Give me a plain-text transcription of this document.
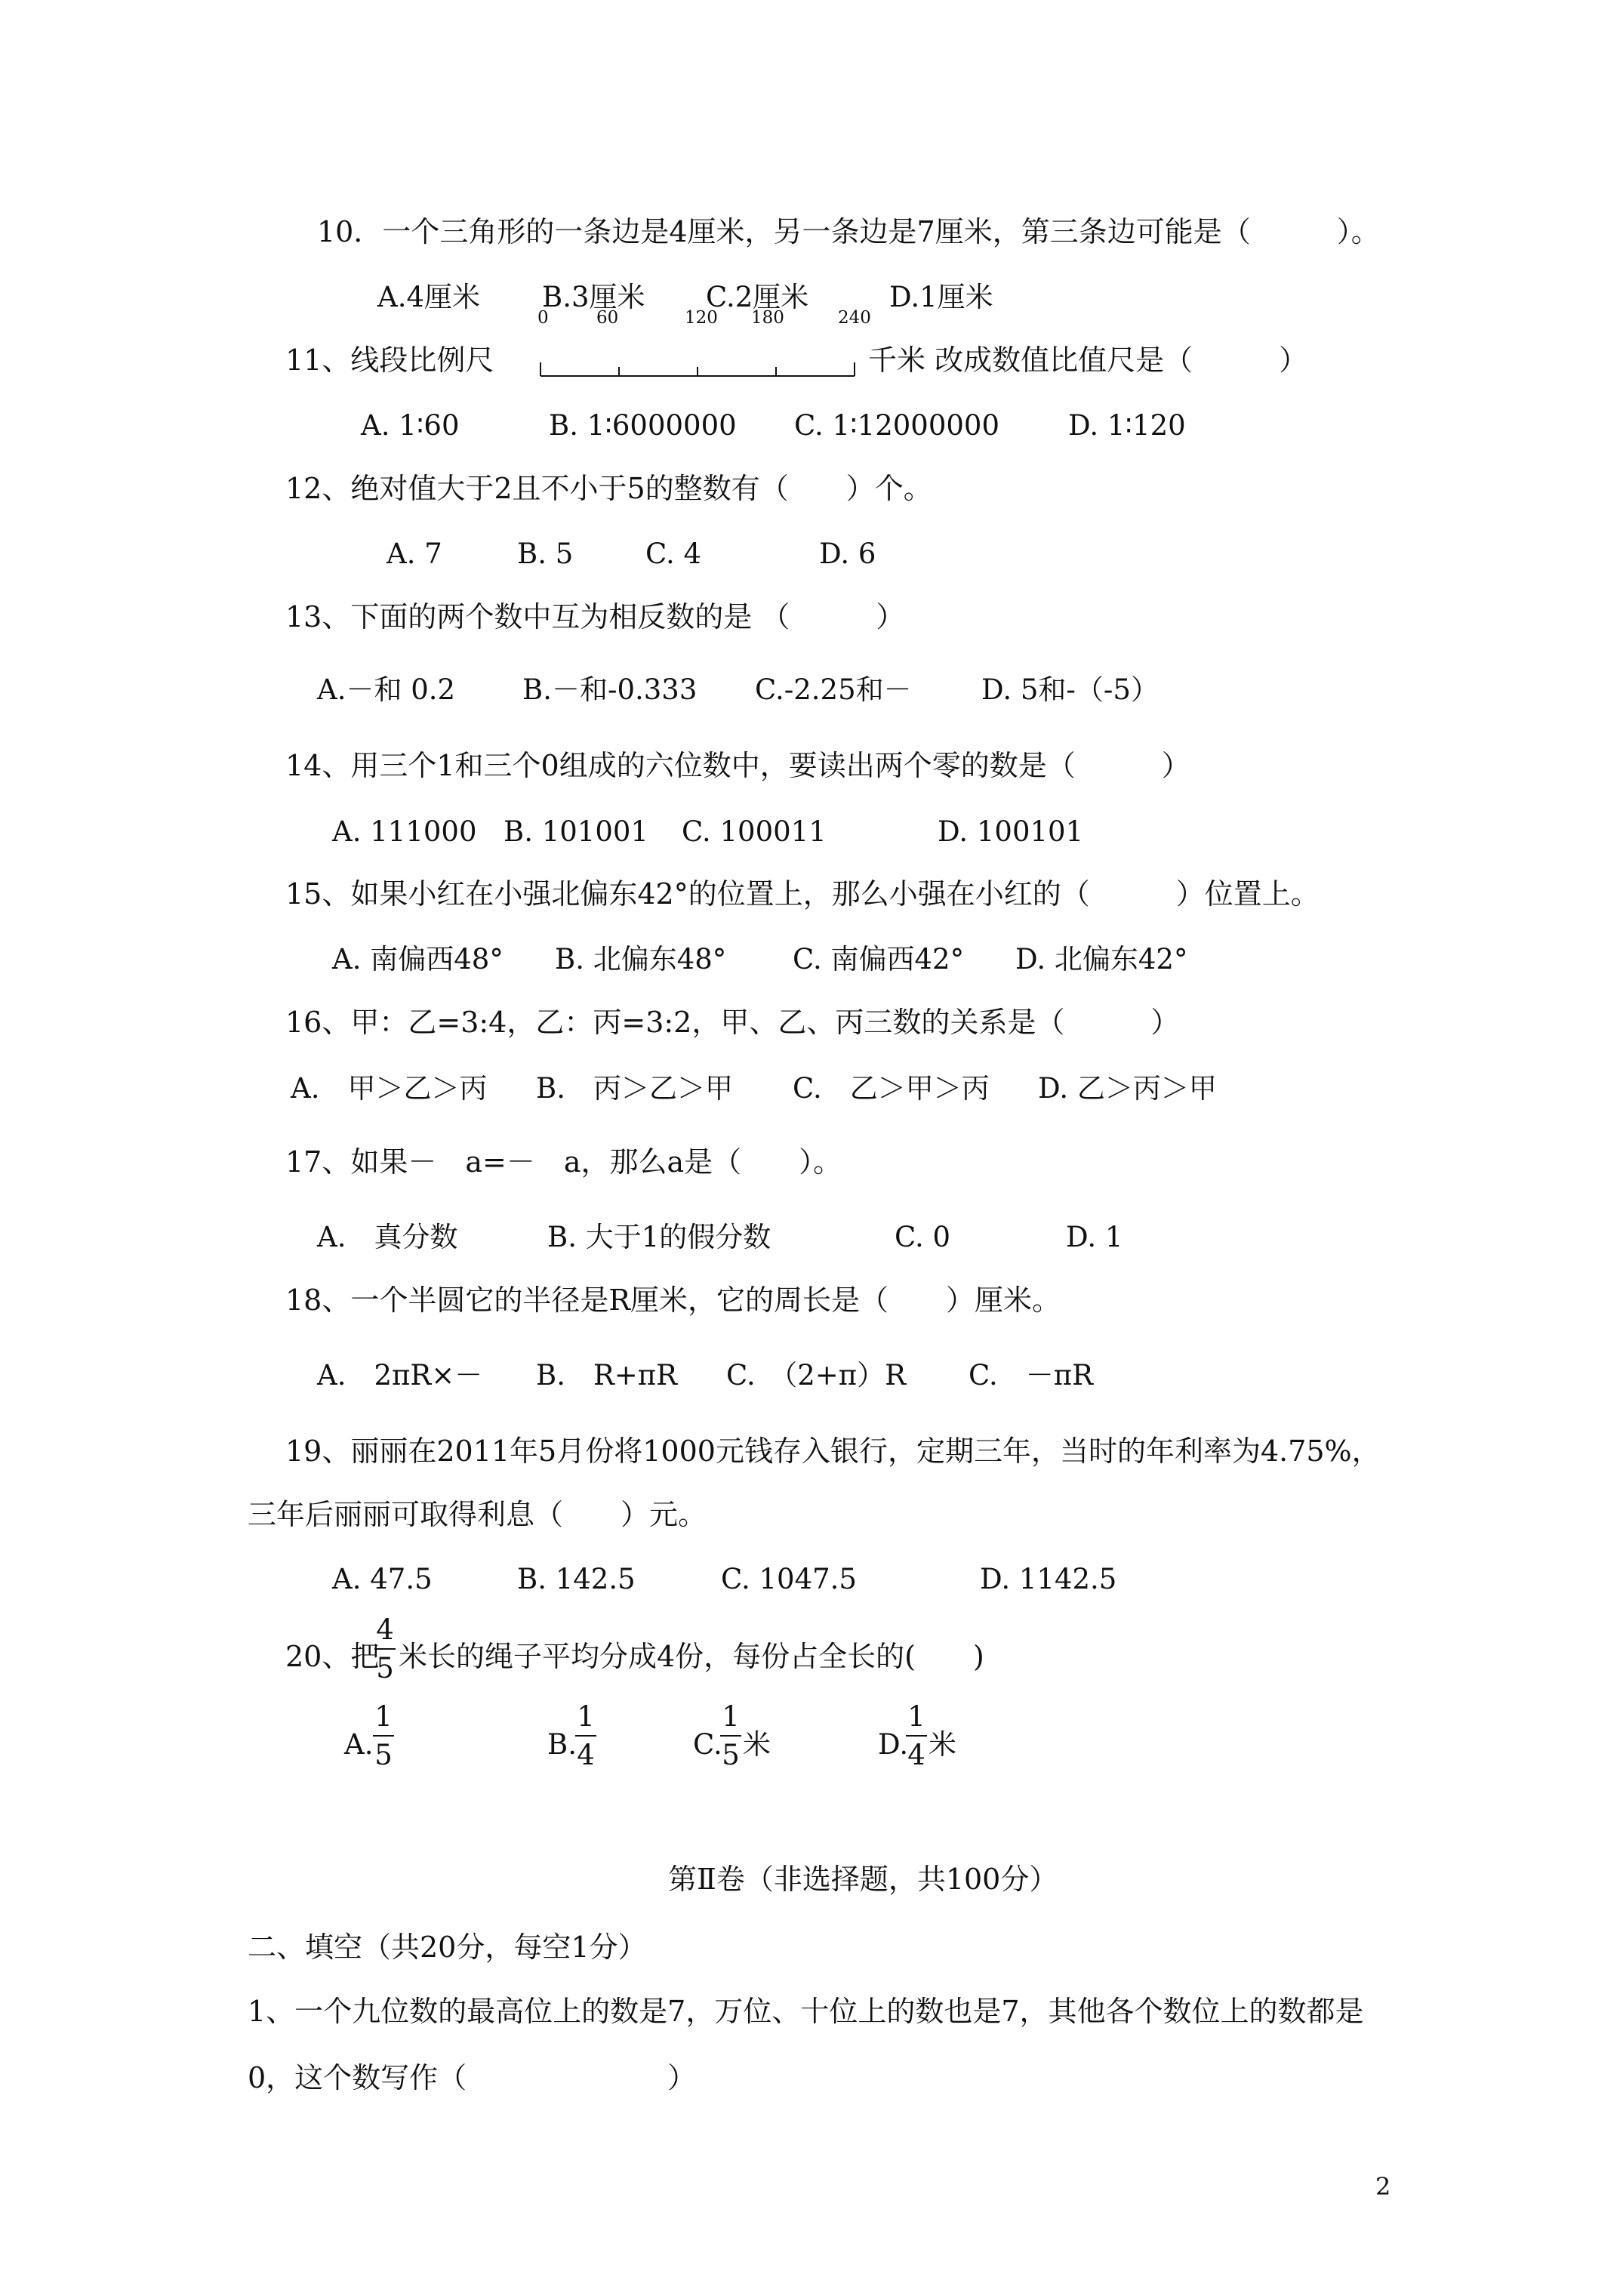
10．一个三角形的一条边是4厘米，另一条边是7厘米，第三条边可能是（　　　）。
A.4厘米 B.3厘米 C.2厘米	D.1厘米
11、线段比例尺
0	60	120 180	240
千米 改成数值比值尺是（　　　）
A. 1∶60	B. 1∶6000000 C. 1∶12000000 D. 1∶120
12、绝对值大于2且不小于5的整数有（　　）个。
A. 7	B. 5	C. 4	D. 6
13、下面的两个数中互为相反数的是 （　　　）
A.－和 0.2 B.－和-0.333 C.-2.25和－ D. 5和-（-5）
14、用三个1和三个0组成的六位数中，要读出两个零的数是（　　　）
A. 111000 B. 101001 C. 100011	D. 100101
15、如果小红在小强北偏东42°的位置上，那么小强在小红的（　　　）位置上。
A. 南偏西48° B. 北偏东48° C. 南偏西42° D. 北偏东42°
16、甲：乙=3:4，乙：丙=3:2，甲、乙、丙三数的关系是（　　　）
A.　甲＞乙＞丙 B.　丙＞乙＞甲 C.　乙＞甲＞丙 D. 乙＞丙＞甲
17、如果－　a=－　a，那么a是（　　）。
A.　真分数	B. 大于1的假分数	C. 0	D. 1
18、一个半圆它的半径是R厘米，它的周长是（　　）厘米。
A.　2πR×－ B.　R+πR C.　（2+π）R C.　－πR
19、丽丽在2011年5月份将1000元钱存入银行，定期三年，当时的年利率为4.75%，
三年后丽丽可取得利息（　　）元。
A. 47.5	B. 142.5	C. 1047.5	D. 1142.5
20、把
4
5 米长的绳子平均分成4份，每份占全长的(　　)
A.
1
5	B.
1
4	C.
1
5 米	D.
1
4 米
第Ⅱ卷（非选择题，共100分）
二、填空（共20分，每空1分）
1、一个九位数的最高位上的数是7，万位、十位上的数也是7，其他各个数位上的数都是
0，这个数写作（　　　　　　　）
2
